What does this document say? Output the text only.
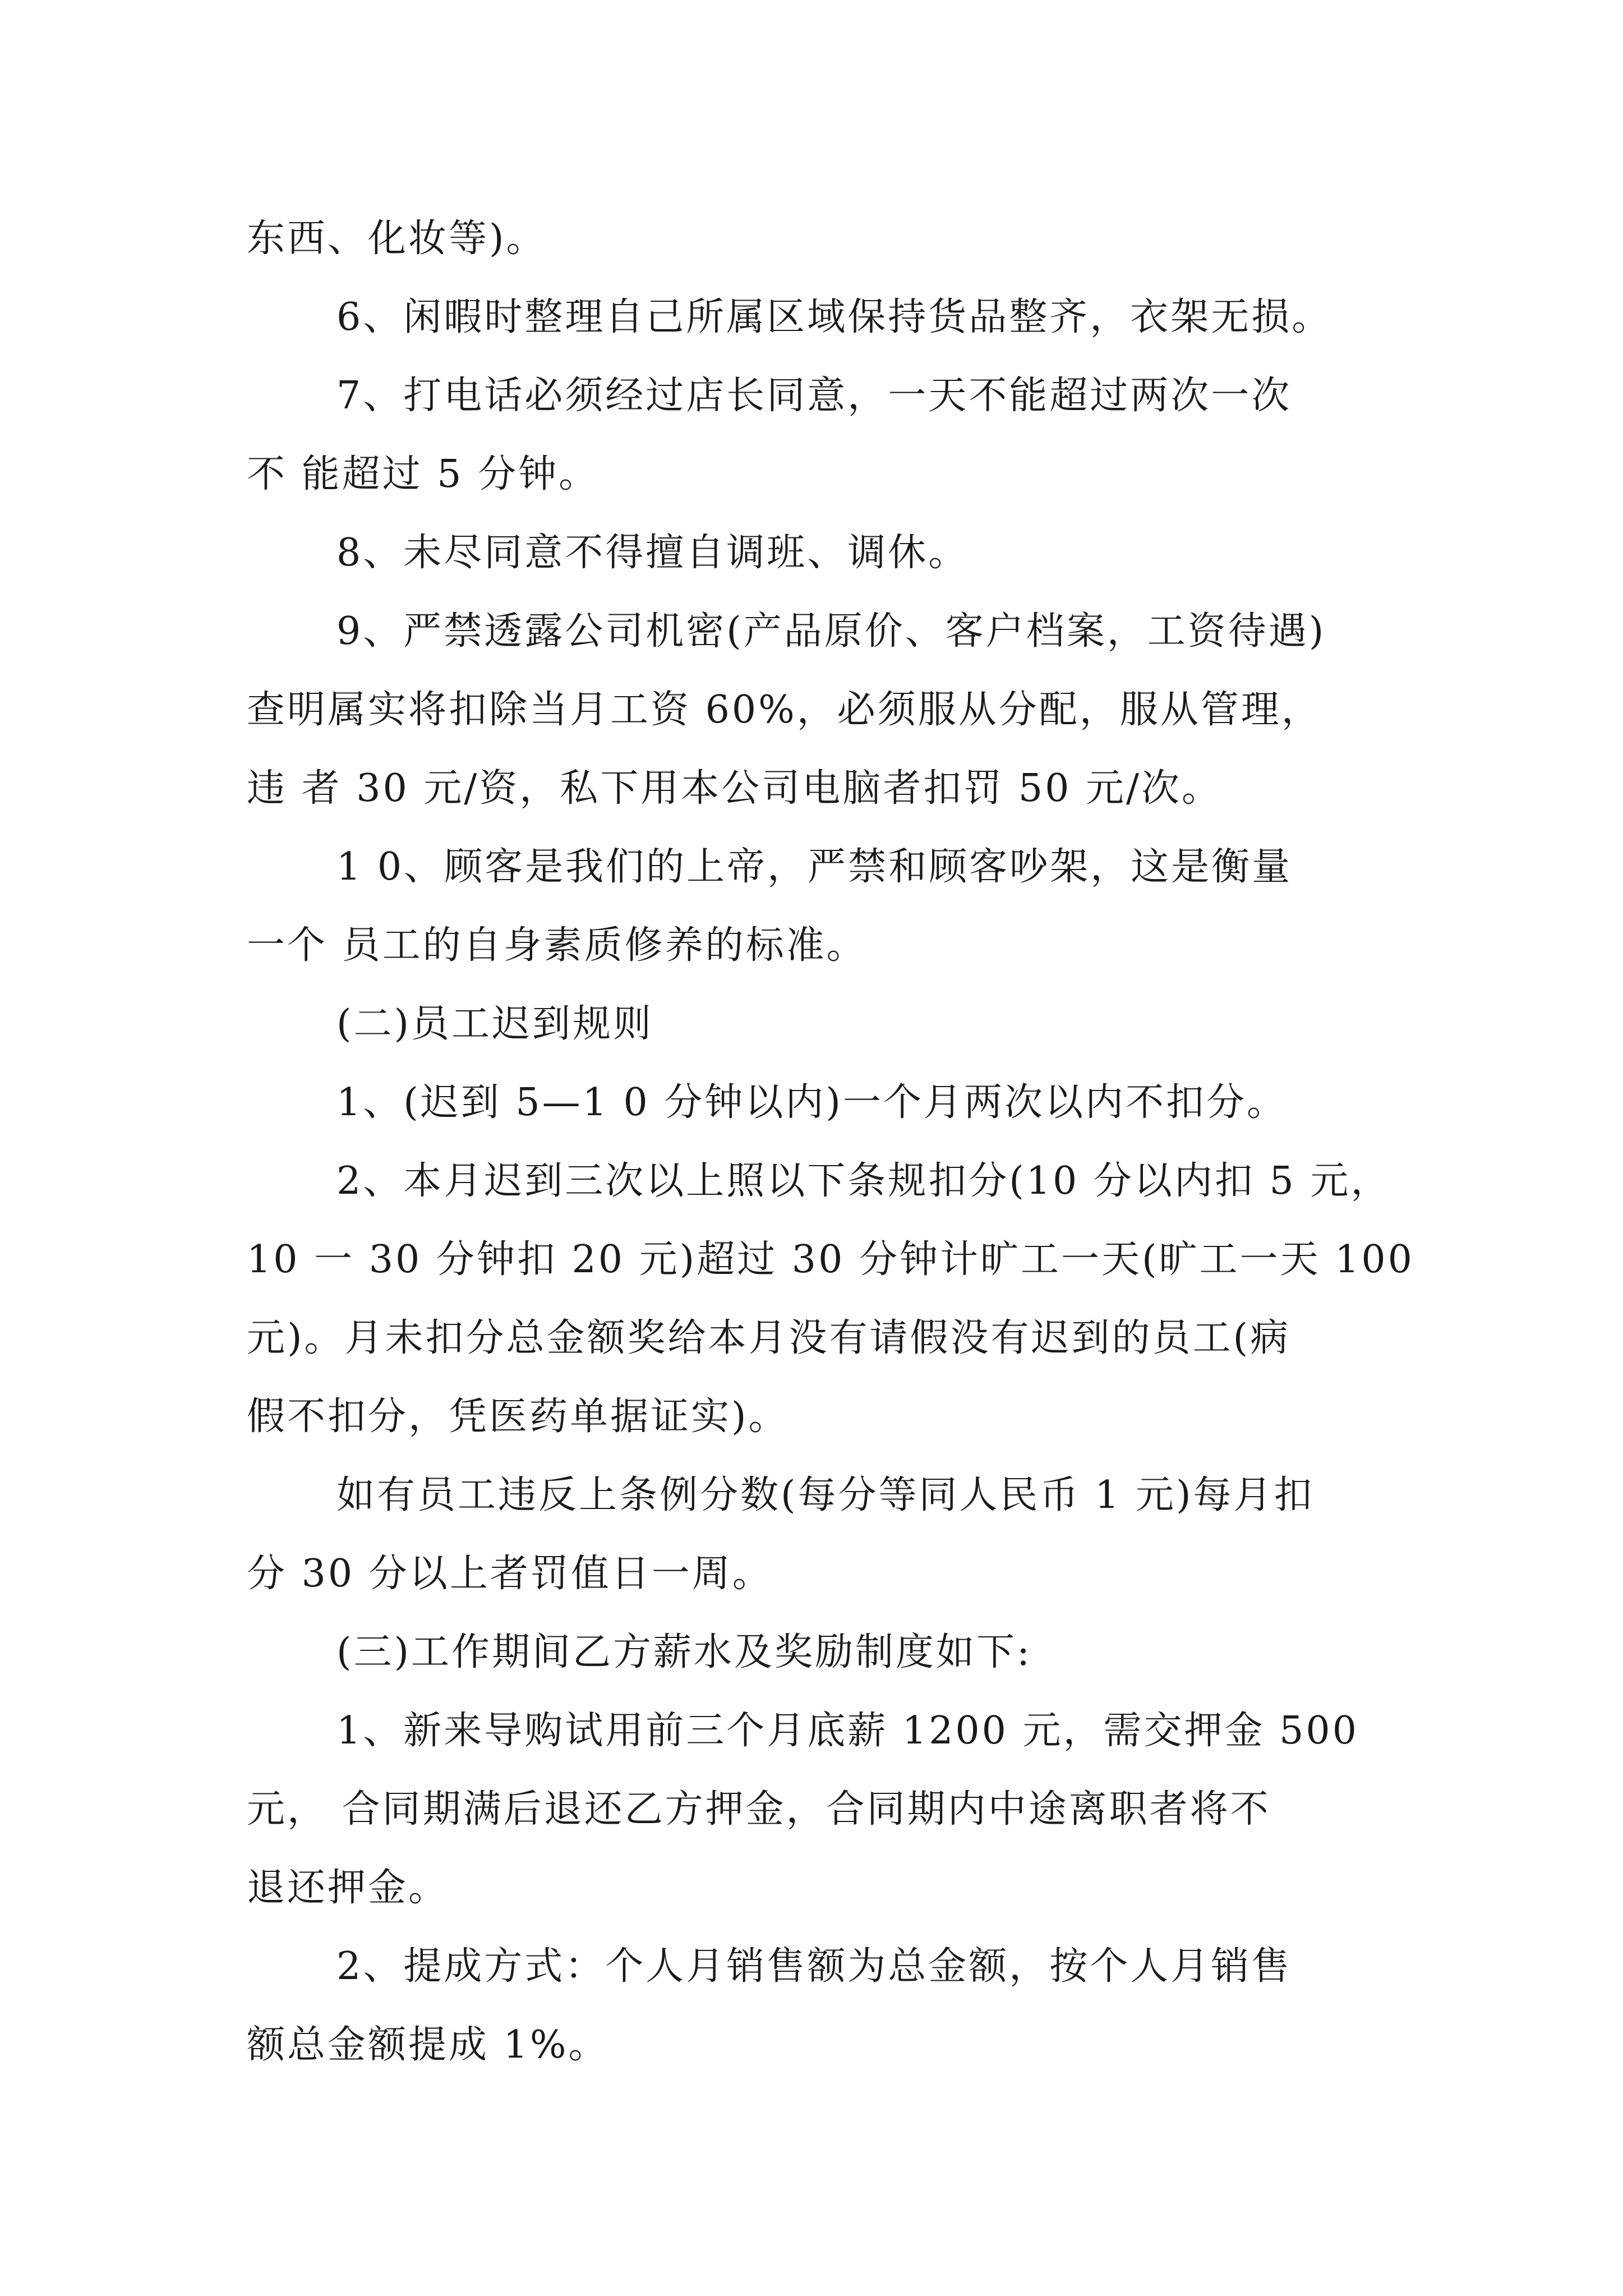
东西、化妆等)。
6、闲暇时整理自己所属区域保持货品整齐，衣架无损。
7、打电话必须经过店长同意，一天不能超过两次一次
不 能超过 5 分钟。
8、未尽同意不得擅自调班、调休。
9、严禁透露公司机密(产品原价、客户档案，工资待遇)
查明属实将扣除当月工资 60%，必须服从分配，服从管理，
违 者 30 元/资，私下用本公司电脑者扣罚 50 元/次。
1 0、顾客是我们的上帝，严禁和顾客吵架，这是衡量
一个 员工的自身素质修养的标准。
(二)员工迟到规则
1、(迟到 5—1 0 分钟以内)一个月两次以内不扣分。
2、本月迟到三次以上照以下条规扣分(10 分以内扣 5 元，
10 一 30 分钟扣 20 元)超过 30 分钟计旷工一天(旷工一天 100
元)。月未扣分总金额奖给本月没有请假没有迟到的员工(病
假不扣分，凭医药单据证实)。
如有员工违反上条例分数(每分等同人民币 1 元)每月扣
分 30 分以上者罚值日一周。
(三)工作期间乙方薪水及奖励制度如下:
1、新来导购试用前三个月底薪 1200 元，需交押金 500
元， 合同期满后退还乙方押金，合同期内中途离职者将不
退还押金。
2、提成方式：个人月销售额为总金额，按个人月销售
额总金额提成 1%。
